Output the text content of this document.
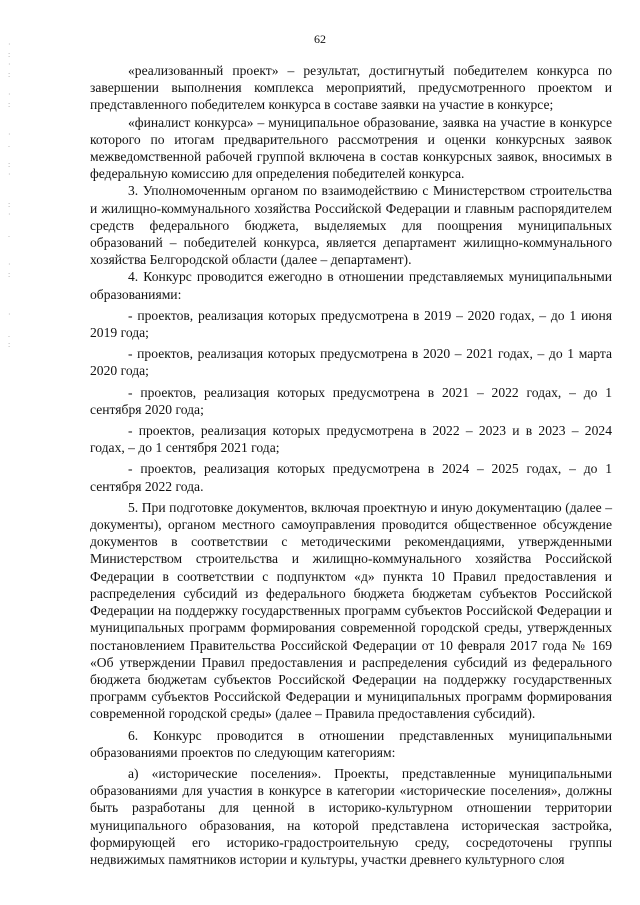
·
:
·
:

·
:

·
.

:
·

:
·

.

·
:

·

.
:

62

«реализованный проект» – результат, достигнутый победителем конкурса по завершении выполнения комплекса мероприятий, предусмотренного проектом и представленного победителем конкурса в составе заявки на участие в конкурсе;

«финалист конкурса» – муниципальное образование, заявка на участие в конкурсе которого по итогам предварительного рассмотрения и оценки конкурсных заявок межведомственной рабочей группой включена в состав конкурсных заявок, вносимых в федеральную комиссию для определения победителей конкурса.

3. Уполномоченным органом по взаимодействию с Министерством строительства и жилищно-коммунального хозяйства Российской Федерации и главным распорядителем средств федерального бюджета, выделяемых для поощрения муниципальных образований – победителей конкурса, является департамент жилищно-коммунального хозяйства Белгородской области (далее – департамент).

4. Конкурс проводится ежегодно в отношении представляемых муниципальными образованиями:

- проектов, реализация которых предусмотрена в 2019 – 2020 годах, – до 1 июня 2019 года;

- проектов, реализация которых предусмотрена в 2020 – 2021 годах, – до 1 марта 2020 года;

- проектов, реализация которых предусмотрена в 2021 – 2022 годах, – до 1 сентября 2020 года;

- проектов, реализация которых предусмотрена в 2022 – 2023 и в 2023 – 2024 годах, – до 1 сентября 2021 года;

- проектов, реализация которых предусмотрена в 2024 – 2025 годах, – до 1 сентября 2022 года.

5. При подготовке документов, включая проектную и иную документацию (далее – документы), органом местного самоуправления проводится общественное обсуждение документов в соответствии с методическими рекомендациями, утвержденными Министерством строительства и жилищно-коммунального хозяйства Российской Федерации в соответствии с подпунктом «д» пункта 10 Правил предоставления и распределения субсидий из федерального бюджета бюджетам субъектов Российской Федерации на поддержку государственных программ субъектов Российской Федерации и муниципальных программ формирования современной городской среды, утвержденных постановлением Правительства Российской Федерации от 10 февраля 2017 года № 169 «Об утверждении Правил предоставления и распределения субсидий из федерального бюджета бюджетам субъектов Российской Федерации на поддержку государственных программ субъектов Российской Федерации и муниципальных программ формирования современной городской среды» (далее – Правила предоставления субсидий).

6. Конкурс проводится в отношении представленных муниципальными образованиями проектов по следующим категориям:

а) «исторические поселения». Проекты, представленные муниципальными образованиями для участия в конкурсе в категории «исторические поселения», должны быть разработаны для ценной в историко-культурном отношении территории муниципального образования, на которой представлена историческая застройка, формирующей его историко-градостроительную среду, сосредоточены группы недвижимых памятников истории и культуры, участки древнего культурного слоя
